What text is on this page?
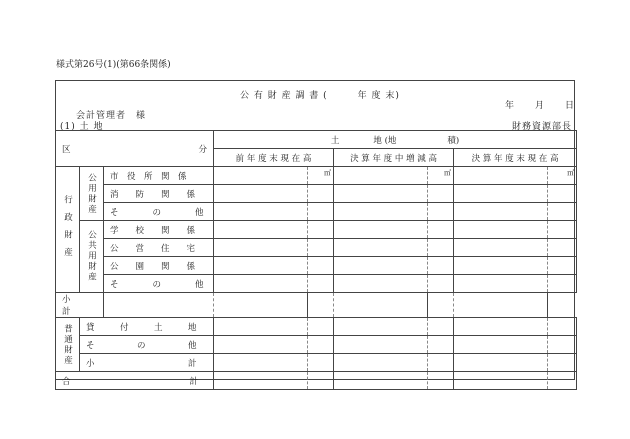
様式第26号(1)(第66条関係)
公 有 財 産 調 書 (　　　年 度 末)
年　　月　　日
会計管理者　様
(1) 土 地	財務資源部長
区 分			土　　　　地 (地　　　　　　積)					
			前 年 度 末 現 在 高		決 算 年 度 中 増 減 高		決 算 年 度 末 現 在 高	

行政財産	公用財産	市　役　所　関　係		㎡		㎡		㎡

		消　　防　　関　　係						

		そ　　　　の　　　　他						

	公共用財産	学　　校　　関　　係						

		公　　営　　住　　宅						

		公　　園　　関　　係						

		そ　　　　の　　　　他						

小　　　　　　　　　　　計								

普通財産	貸　　　付　　　土　　　地							

	そ　　　　　の　　　　　他							

	小　　　　　　　　　　　計							

合　　　　　　　　　　　　　　計								
